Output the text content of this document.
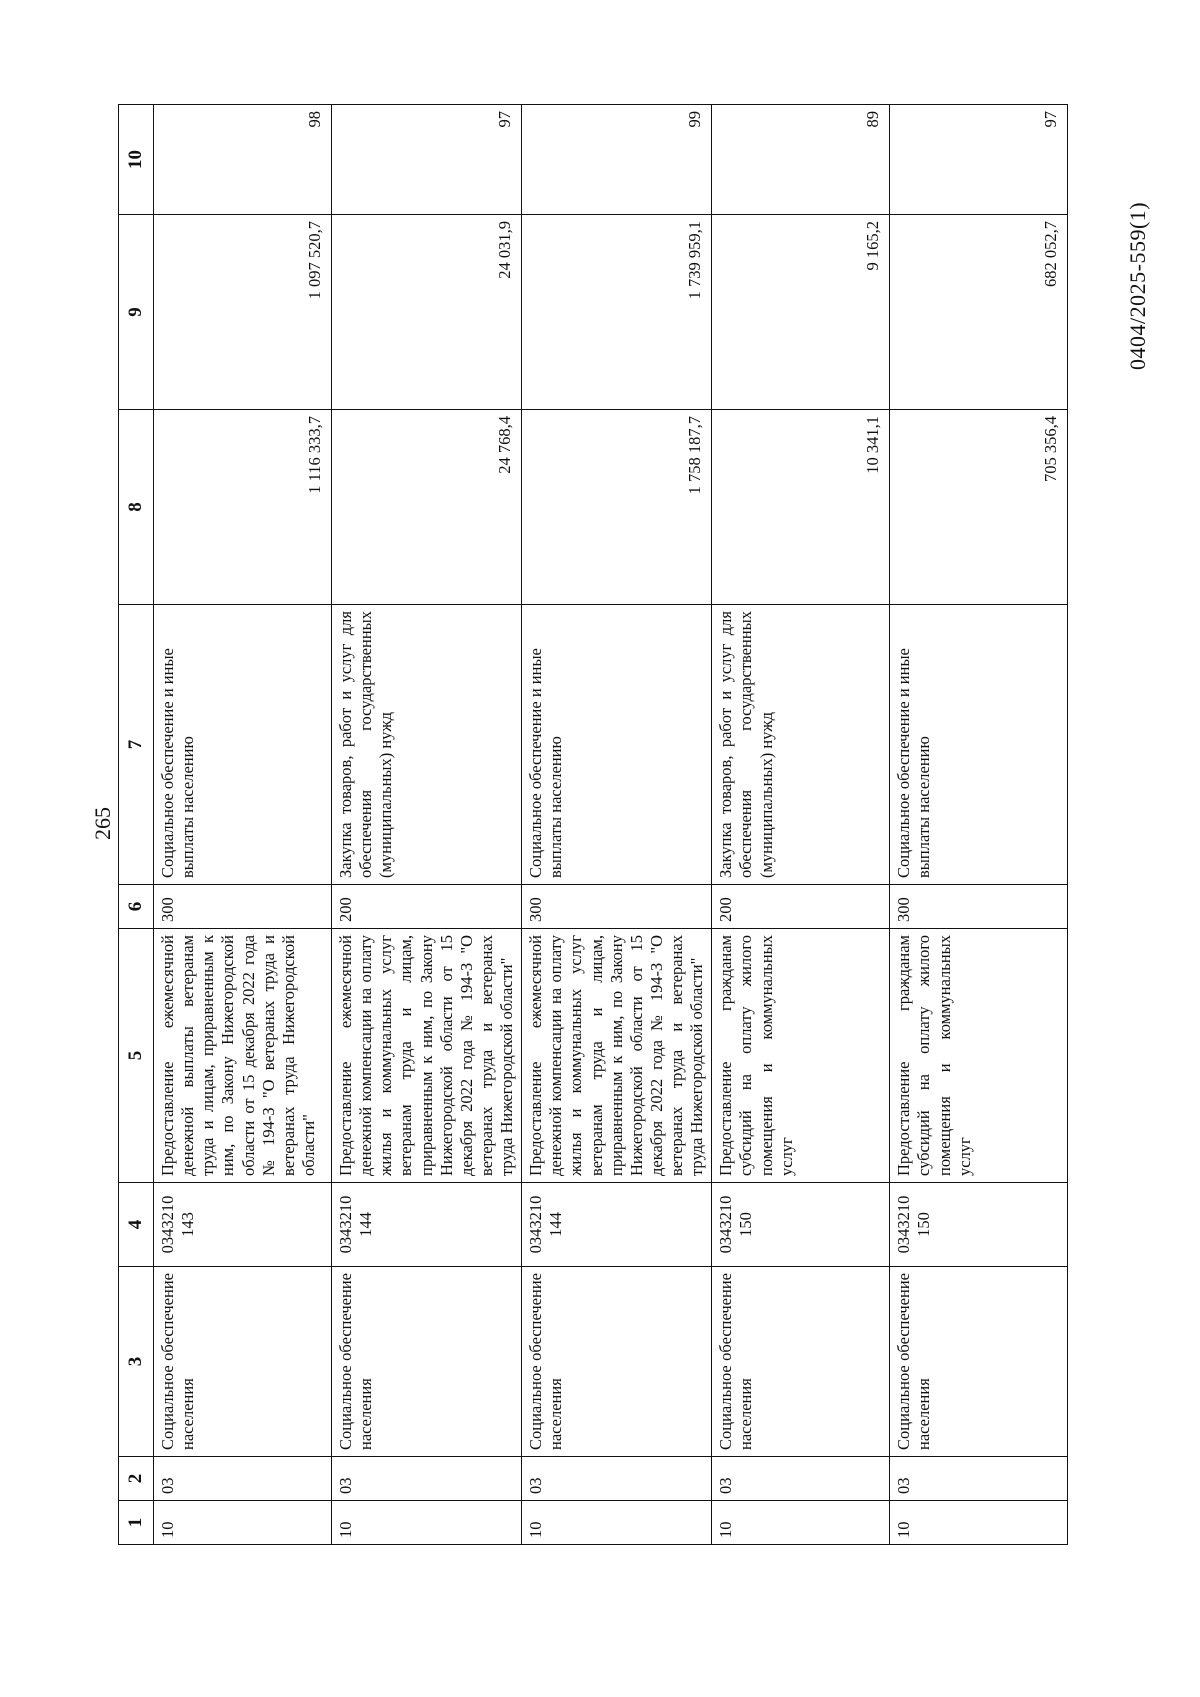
265
0404/2025-559(1)
1	2	3	4	5	6	7	8	9	10
10	03	Социальное обеспечение населения	0343210 143	Предоставление ежемесячной денежной выплаты ветеранам труда и лицам, приравненным к ним, по Закону Нижегородской области от 15 декабря 2022 года № 194-З "О ветеранах труда и ветеранах труда Нижегородской области"	300	Социальное обеспечение и иные выплаты населению	1 116 333,7	1 097 520,7	98
10	03	Социальное обеспечение населения	0343210 144	Предоставление ежемесячной денежной компенсации на оплату жилья и коммунальных услуг ветеранам труда и лицам, приравненным к ним, по Закону Нижегородской области от 15 декабря 2022 года № 194-З "О ветеранах труда и ветеранах труда Нижегородской области"	200	Закупка товаров, работ и услуг для обеспечения государственных (муниципальных) нужд	24 768,4	24 031,9	97
10	03	Социальное обеспечение населения	0343210 144	Предоставление ежемесячной денежной компенсации на оплату жилья и коммунальных услуг ветеранам труда и лицам, приравненным к ним, по Закону Нижегородской области от 15 декабря 2022 года № 194-З "О ветеранах труда и ветеранах труда Нижегородской области"	300	Социальное обеспечение и иные выплаты населению	1 758 187,7	1 739 959,1	99
10	03	Социальное обеспечение населения	0343210 150	Предоставление гражданам субсидий на оплату жилого помещения и коммунальных услуг	200	Закупка товаров, работ и услуг для обеспечения государственных (муниципальных) нужд	10 341,1	9 165,2	89
10	03	Социальное обеспечение населения	0343210 150	Предоставление гражданам субсидий на оплату жилого помещения и коммунальных услуг	300	Социальное обеспечение и иные выплаты населению	705 356,4	682 052,7	97
